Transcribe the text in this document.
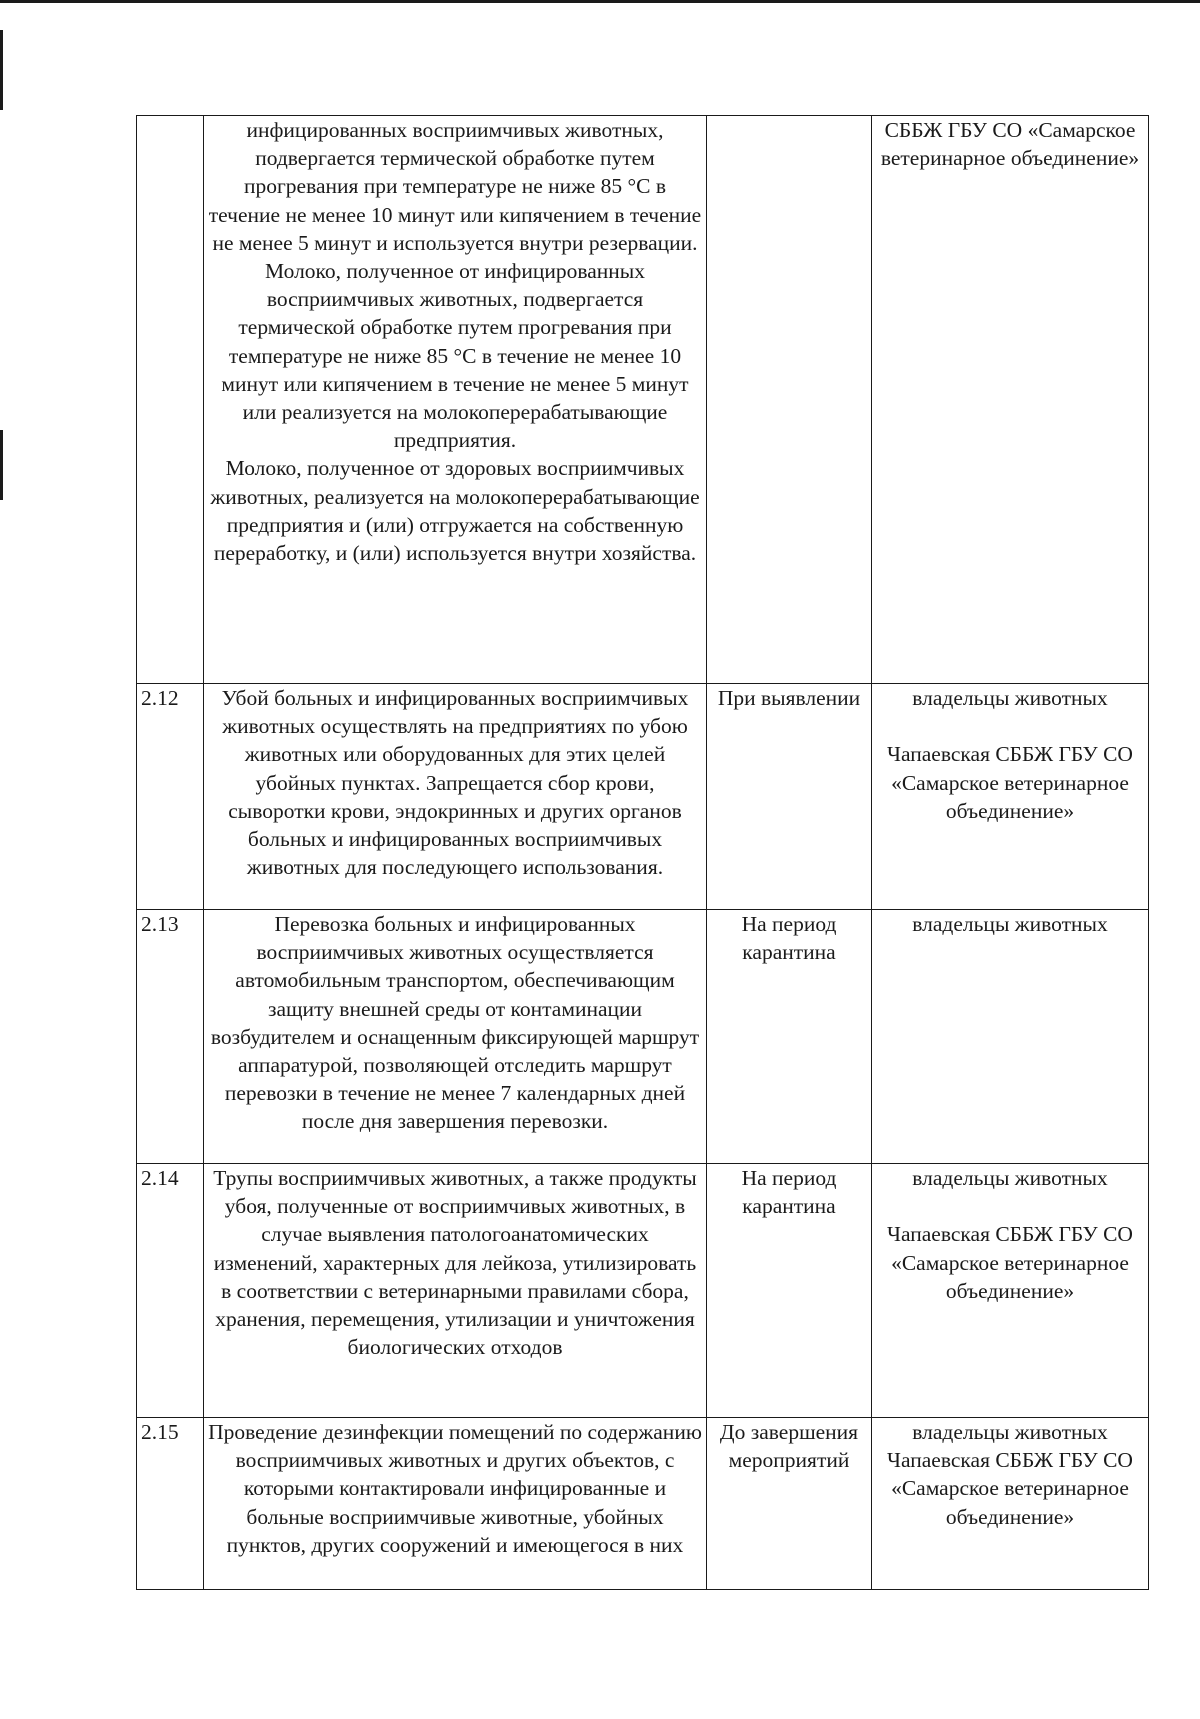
	инфицированных восприимчивых животных, подвергается термической обработке путем прогревания при температуре не ниже 85 °С в течение не менее 10 минут или кипячением в течение не менее 5 минут и используется внутри резервации.
Молоко, полученное от инфицированных восприимчивых животных, подвергается термической обработке путем прогревания при температуре не ниже 85 °С в течение не менее 10 минут или кипячением в течение не менее 5 минут или реализуется на молокоперерабатывающие предприятия.
Молоко, полученное от здоровых восприимчивых животных, реализуется на молокоперерабатывающие предприятия и (или) отгружается на собственную переработку, и (или) используется внутри хозяйства.		СББЖ ГБУ СО «Самарское ветеринарное объединение»
2.12	Убой больных и инфицированных восприимчивых животных осуществлять на предприятиях по убою животных или оборудованных для этих целей убойных пунктах. Запрещается сбор крови, сыворотки крови, эндокринных и других органов больных и инфицированных восприимчивых животных для последующего использования.	При выявлении	владельцы животных

Чапаевская СББЖ ГБУ СО «Самарское ветеринарное объединение»
2.13	Перевозка больных и инфицированных восприимчивых животных осуществляется автомобильным транспортом, обеспечивающим защиту внешней среды от контаминации возбудителем и оснащенным фиксирующей маршрут аппаратурой, позволяющей отследить маршрут перевозки в течение не менее 7 календарных дней после дня завершения перевозки.	На период карантина	владельцы животных
2.14	Трупы восприимчивых животных, а также продукты убоя, полученные от восприимчивых животных, в случае выявления патологоанатомических изменений, характерных для лейкоза, утилизировать в соответствии с ветеринарными правилами сбора, хранения, перемещения, утилизации и уничтожения биологических отходов	На период карантина	владельцы животных

Чапаевская СББЖ ГБУ СО «Самарское ветеринарное объединение»
2.15	Проведение дезинфекции помещений по содержанию восприимчивых животных и других объектов, с которыми контактировали инфицированные и больные восприимчивые животные, убойных пунктов, других сооружений и имеющегося в них	До завершения мероприятий	владельцы животных Чапаевская СББЖ ГБУ СО «Самарское ветеринарное объединение»
